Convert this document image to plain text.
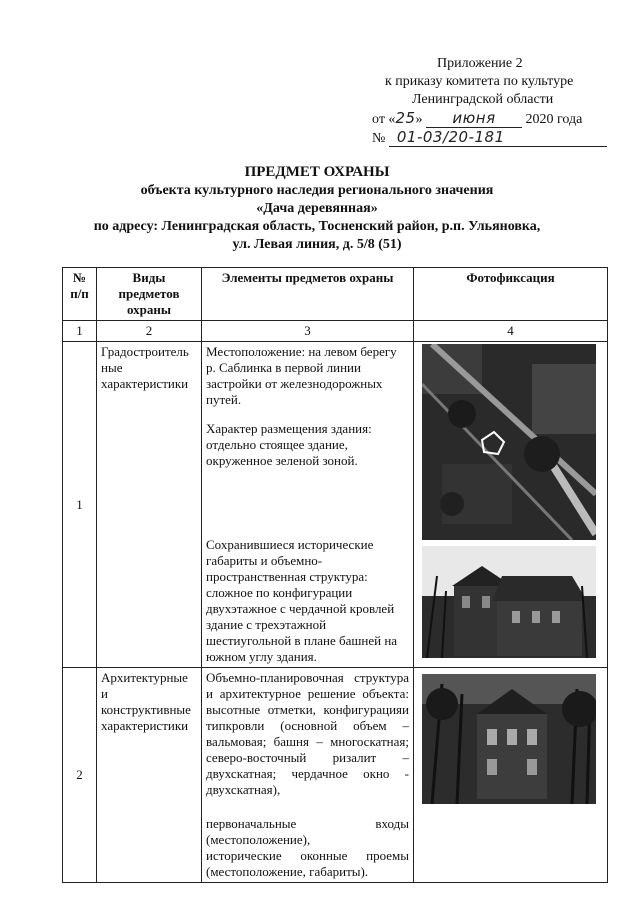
Приложение 2
к приказу комитета по культуре
Ленинградской области
от «25» июня 2020 года
№ 01-03/20-181
ПРЕДМЕТ ОХРАНЫ
объекта культурного наследия регионального значения
«Дача деревянная»
по адресу: Ленинградская область, Тосненский район, р.п. Ульяновка,
ул. Левая линия, д. 5/8 (51)
№ п/п	Виды предметов охраны	Элементы предметов охраны	Фотофиксация
1	2	3	4
1	Градостроитель ные характеристики	Местоположение: на левом берегу р. Саблинка в первой линии застройки от железнодорожных путей.
Характер размещения здания: отдельно стоящее здание, окруженное зеленой зоной.
Сохранившиеся исторические габариты и объемно-пространственная структура: сложное по конфигурации двухэтажное с чердачной кровлей здание с трехэтажной шестиугольной в плане башней на южном углу здания.

2	Архитектурные и конструктивные характеристики	Объемно-планировочная структура и архитектурное решение объекта: высотные отметки, конфигурацияи типкровли (основной объем – вальмовая; башня – многоскатная; северо-восточный ризалит – двухскатная; чердачное окно - двухскатная),
первоначальные входы (местоположение),
исторические оконные проемы (местоположение, габариты).
